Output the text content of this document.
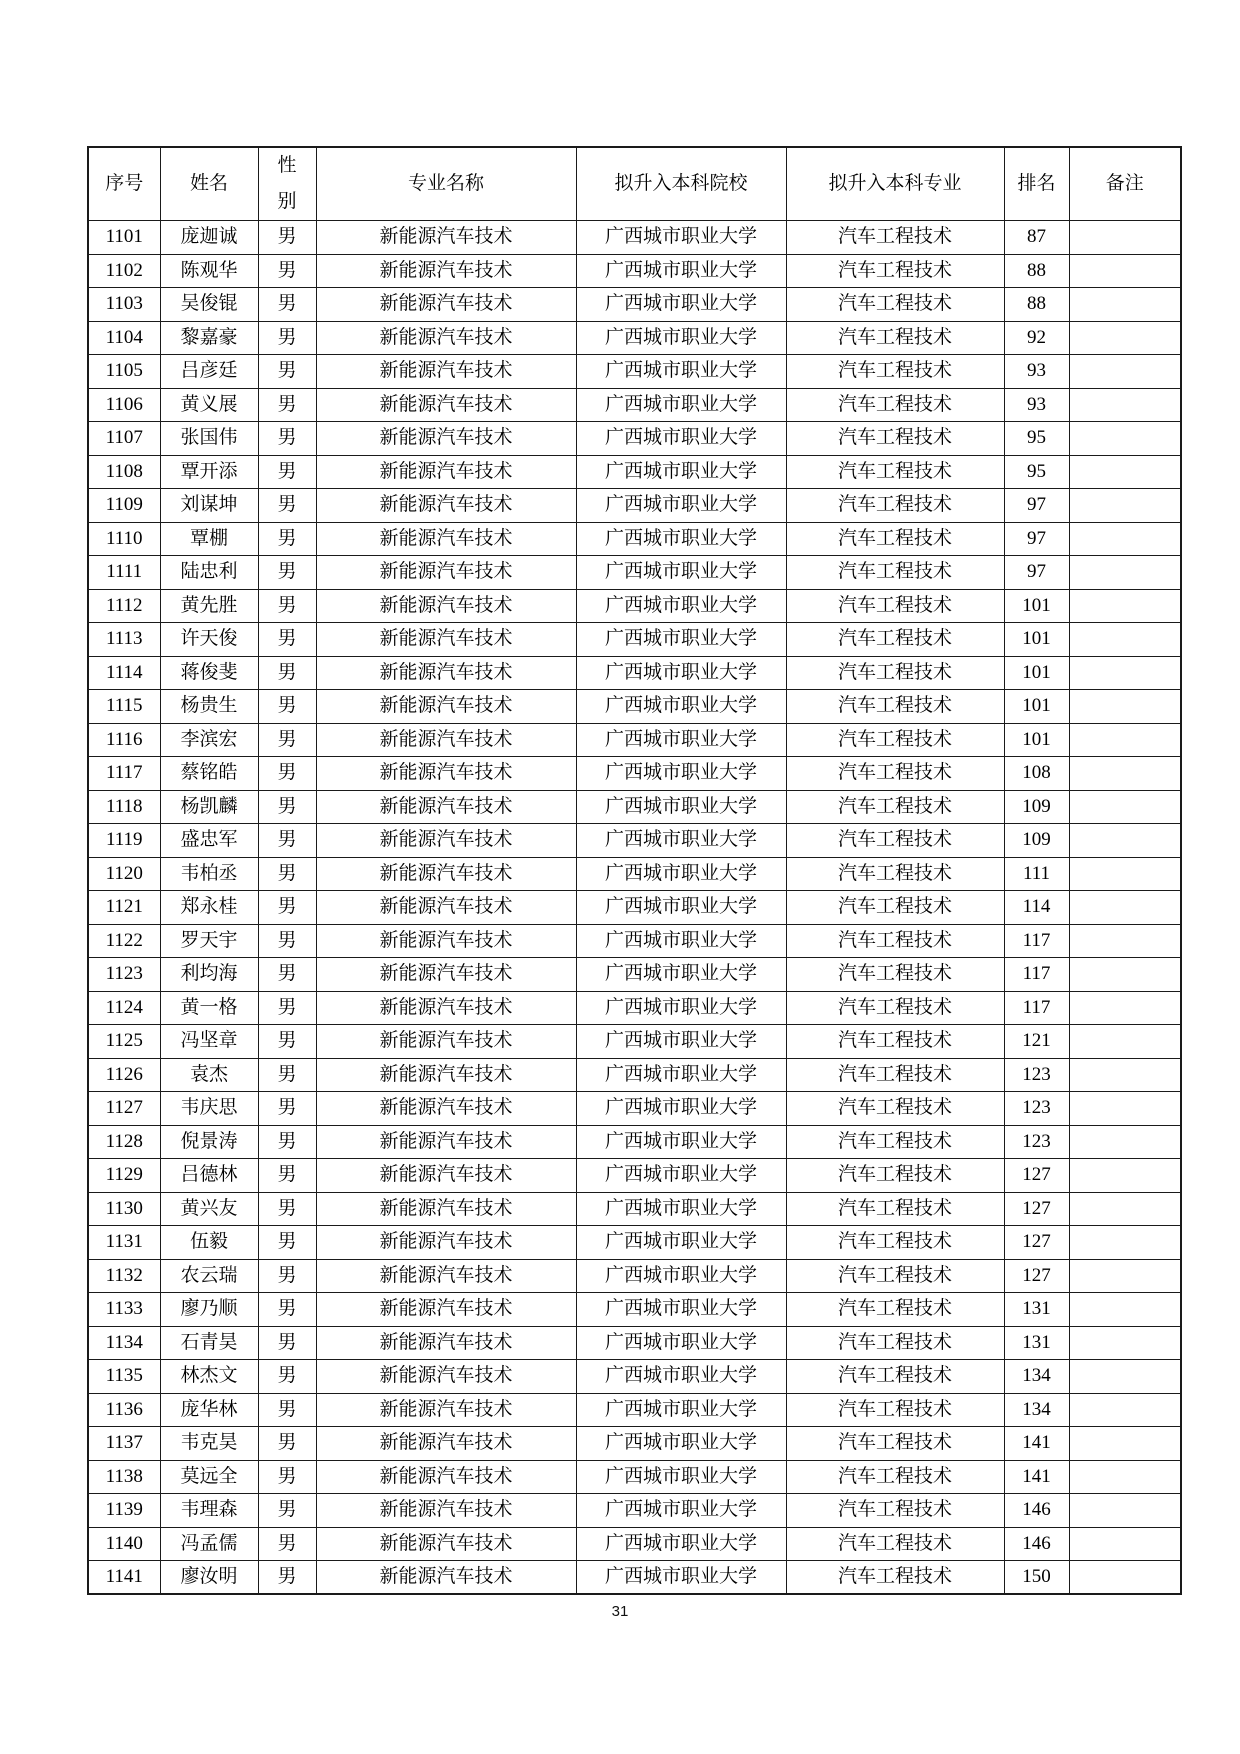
序号	姓名	性别	专业名称	拟升入本科院校	拟升入本科专业	排名	备注
1101	庞迦诚	男	新能源汽车技术	广西城市职业大学	汽车工程技术	87	
1102	陈观华	男	新能源汽车技术	广西城市职业大学	汽车工程技术	88	
1103	吴俊锟	男	新能源汽车技术	广西城市职业大学	汽车工程技术	88	
1104	黎嘉豪	男	新能源汽车技术	广西城市职业大学	汽车工程技术	92	
1105	吕彦廷	男	新能源汽车技术	广西城市职业大学	汽车工程技术	93	
1106	黄义展	男	新能源汽车技术	广西城市职业大学	汽车工程技术	93	
1107	张国伟	男	新能源汽车技术	广西城市职业大学	汽车工程技术	95	
1108	覃开添	男	新能源汽车技术	广西城市职业大学	汽车工程技术	95	
1109	刘谋坤	男	新能源汽车技术	广西城市职业大学	汽车工程技术	97	
1110	覃棚	男	新能源汽车技术	广西城市职业大学	汽车工程技术	97	
1111	陆忠利	男	新能源汽车技术	广西城市职业大学	汽车工程技术	97	
1112	黄先胜	男	新能源汽车技术	广西城市职业大学	汽车工程技术	101	
1113	许天俊	男	新能源汽车技术	广西城市职业大学	汽车工程技术	101	
1114	蒋俊斐	男	新能源汽车技术	广西城市职业大学	汽车工程技术	101	
1115	杨贵生	男	新能源汽车技术	广西城市职业大学	汽车工程技术	101	
1116	李滨宏	男	新能源汽车技术	广西城市职业大学	汽车工程技术	101	
1117	蔡铭皓	男	新能源汽车技术	广西城市职业大学	汽车工程技术	108	
1118	杨凯麟	男	新能源汽车技术	广西城市职业大学	汽车工程技术	109	
1119	盛忠军	男	新能源汽车技术	广西城市职业大学	汽车工程技术	109	
1120	韦柏丞	男	新能源汽车技术	广西城市职业大学	汽车工程技术	111	
1121	郑永桂	男	新能源汽车技术	广西城市职业大学	汽车工程技术	114	
1122	罗天宇	男	新能源汽车技术	广西城市职业大学	汽车工程技术	117	
1123	利均海	男	新能源汽车技术	广西城市职业大学	汽车工程技术	117	
1124	黄一格	男	新能源汽车技术	广西城市职业大学	汽车工程技术	117	
1125	冯坚章	男	新能源汽车技术	广西城市职业大学	汽车工程技术	121	
1126	袁杰	男	新能源汽车技术	广西城市职业大学	汽车工程技术	123	
1127	韦庆思	男	新能源汽车技术	广西城市职业大学	汽车工程技术	123	
1128	倪景涛	男	新能源汽车技术	广西城市职业大学	汽车工程技术	123	
1129	吕德林	男	新能源汽车技术	广西城市职业大学	汽车工程技术	127	
1130	黄兴友	男	新能源汽车技术	广西城市职业大学	汽车工程技术	127	
1131	伍毅	男	新能源汽车技术	广西城市职业大学	汽车工程技术	127	
1132	农云瑞	男	新能源汽车技术	广西城市职业大学	汽车工程技术	127	
1133	廖乃顺	男	新能源汽车技术	广西城市职业大学	汽车工程技术	131	
1134	石青昊	男	新能源汽车技术	广西城市职业大学	汽车工程技术	131	
1135	林杰文	男	新能源汽车技术	广西城市职业大学	汽车工程技术	134	
1136	庞华林	男	新能源汽车技术	广西城市职业大学	汽车工程技术	134	
1137	韦克昊	男	新能源汽车技术	广西城市职业大学	汽车工程技术	141	
1138	莫远全	男	新能源汽车技术	广西城市职业大学	汽车工程技术	141	
1139	韦理森	男	新能源汽车技术	广西城市职业大学	汽车工程技术	146	
1140	冯孟儒	男	新能源汽车技术	广西城市职业大学	汽车工程技术	146	
1141	廖汝明	男	新能源汽车技术	广西城市职业大学	汽车工程技术	150	
31
